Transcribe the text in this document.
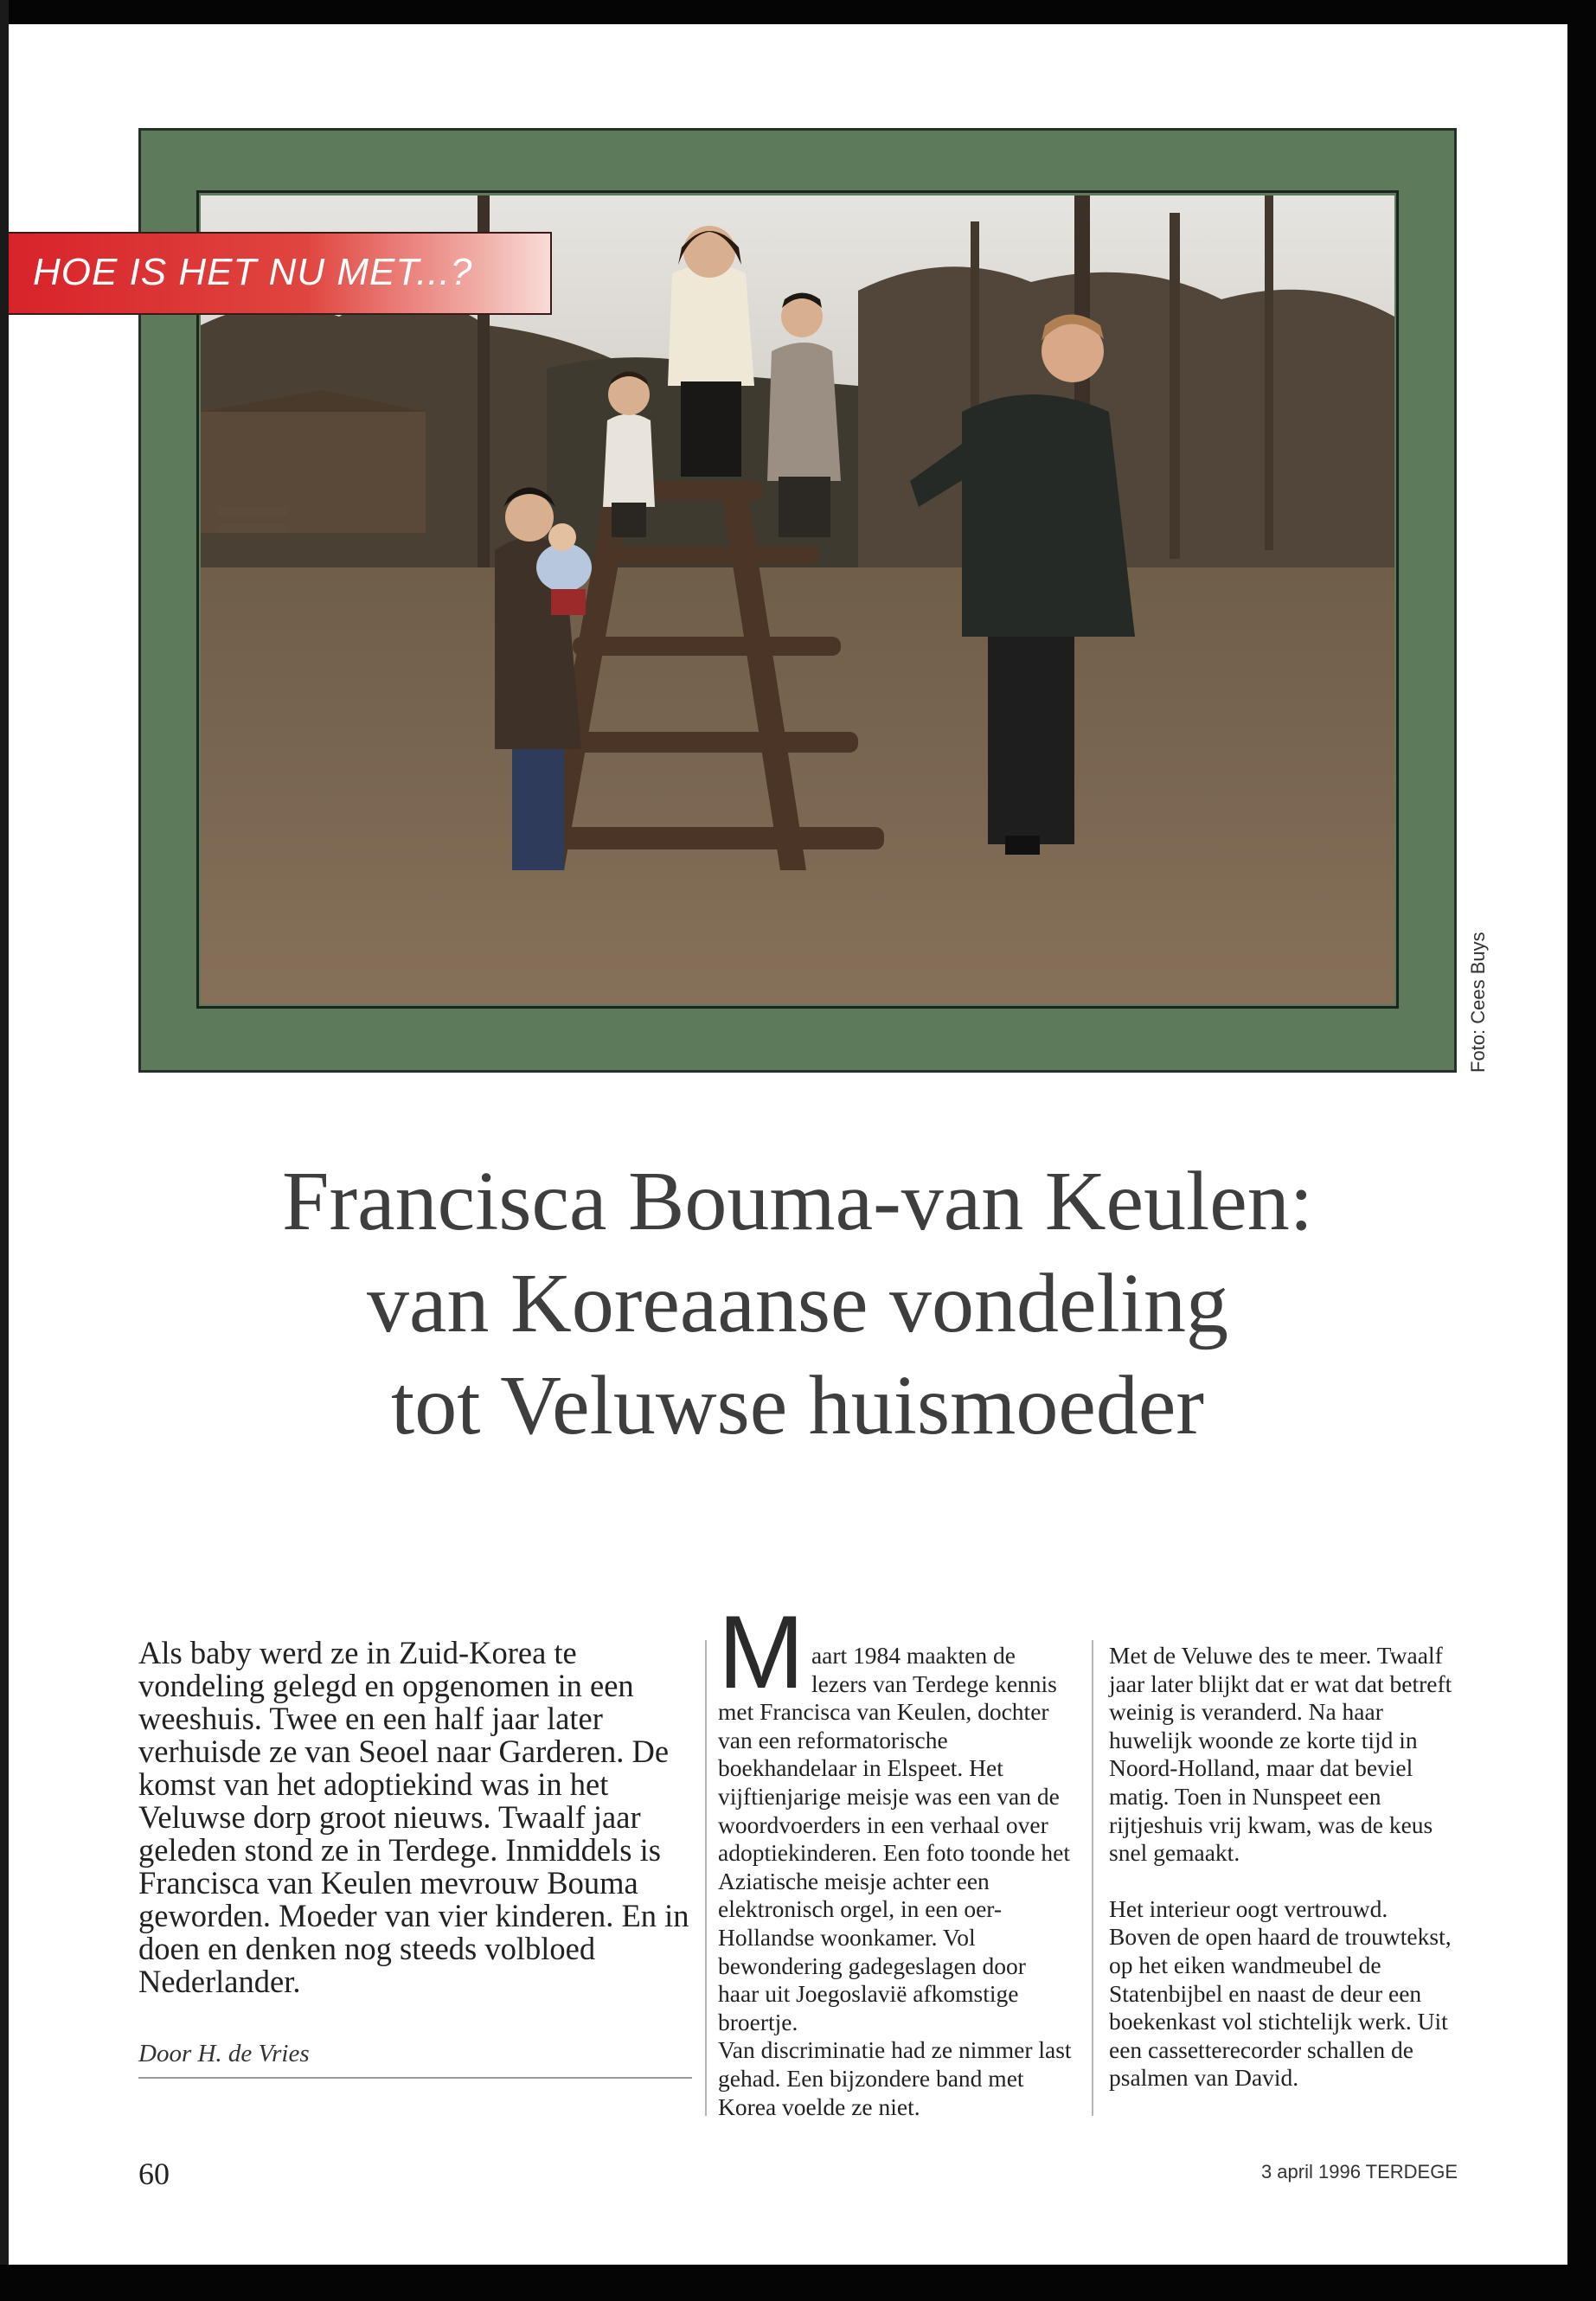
HOE IS HET NU MET...?
Foto: Cees Buys
Francisca Bouma-van Keulen:
van Koreaanse vondeling
tot Veluwse huismoeder

Als baby werd ze in Zuid-Korea te vondeling gelegd en opgenomen in een weeshuis. Twee en een half jaar later verhuisde ze van Seoel naar Garderen. De komst van het adoptiekind was in het Veluwse dorp groot nieuws. Twaalf jaar geleden stond ze in Terdege. Inmiddels is Francisca van Keulen mevrouw Bouma geworden. Moeder van vier kinderen. En in doen en denken nog steeds volbloed Nederlander.

Door H. de Vries
M aart 1984 maakten de lezers van Terdege kennis met Francisca van Keulen, dochter van een reformatorische boekhandelaar in Elspeet. Het vijftienjarige meisje was een van de woordvoerders in een verhaal over adoptiekinderen. Een foto toonde het Aziatische meisje achter een elektronisch orgel, in een oer-Hollandse woonkamer. Vol bewondering gadegeslagen door haar uit Joegoslavië afkomstige broertje.

Van discriminatie had ze nimmer last gehad. Een bijzondere band met Korea voelde ze niet.

Met de Veluwe des te meer. Twaalf jaar later blijkt dat er wat dat betreft weinig is veranderd. Na haar huwelijk woonde ze korte tijd in Noord-Holland, maar dat beviel matig. Toen in Nunspeet een rijtjeshuis vrij kwam, was de keus snel gemaakt.

Het interieur oogt vertrouwd. Boven de open haard de trouwtekst, op het eiken wandmeubel de Statenbijbel en naast de deur een boekenkast vol stichtelijk werk. Uit een cassetterecorder schallen de psalmen van David.

60	3 april 1996 TERDEGE
